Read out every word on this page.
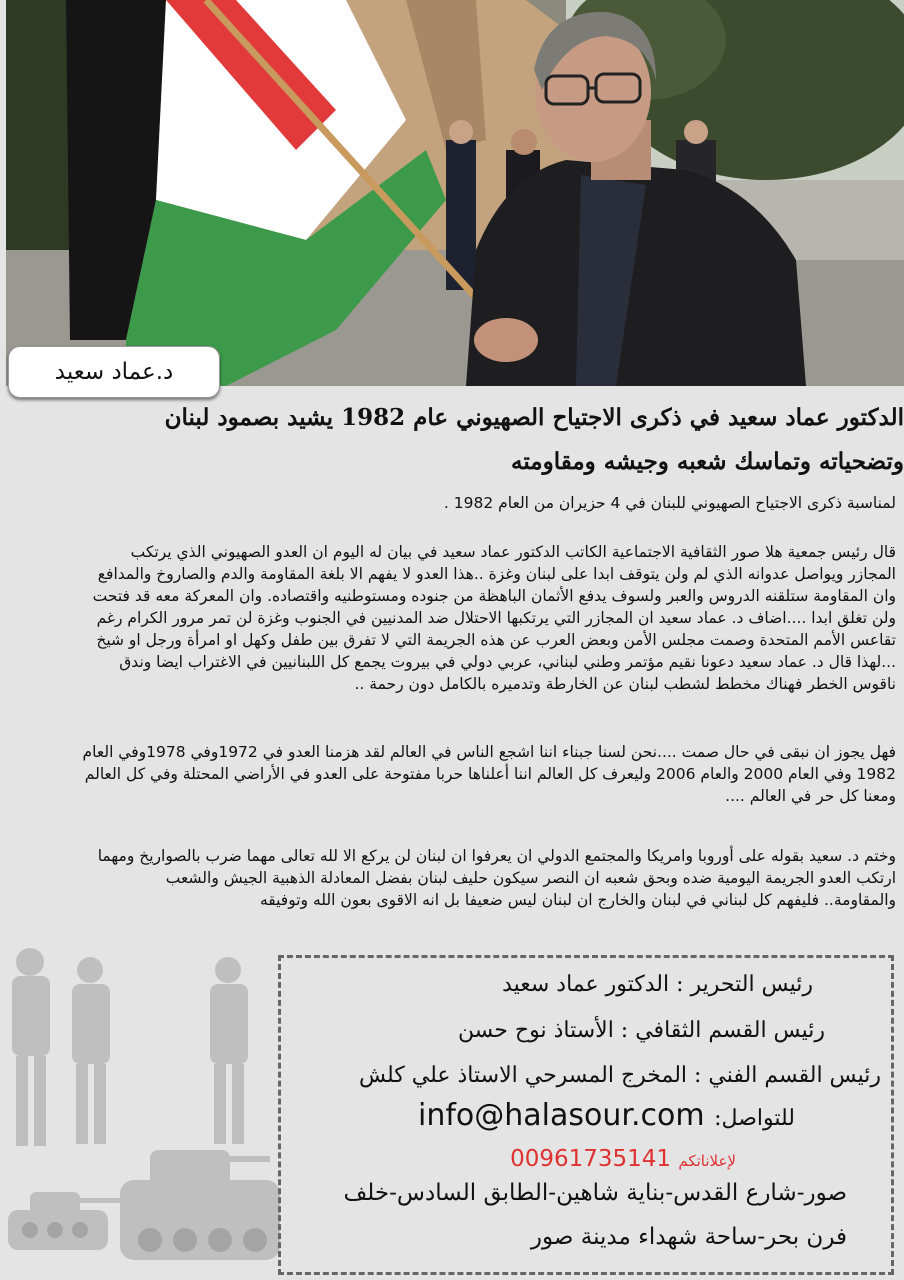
د.عماد سعيد
الدكتور عماد سعيد في ذكرى الاجتياح الصهيوني عام 1982 يشيد بصمود لبنان
وتضحياته وتماسك شعبه وجيشه ومقاومته
لمناسبة ذكرى الاجتياح الصهيوني للبنان في 4 حزيران من العام 1982 .
قال رئيس جمعية هلا صور الثقافية الاجتماعية الكاتب الدكتور عماد سعيد في بيان له اليوم ان العدو الصهيوني الذي يرتكب
المجازر ويواصل عدوانه الذي لم ولن يتوقف ابدا على لبنان وغزة ..هذا العدو لا يفهم الا بلغة المقاومة والدم والصاروخ والمدافع
وان المقاومة ستلقنه الدروس والعبر ولسوف يدفع الأثمان الباهظة من جنوده ومستوطنيه واقتصاده. وان المعركة معه قد فتحت
ولن تغلق ابدا ....اضاف د. عماد سعيد ان المجازر التي يرتكبها الاحتلال ضد المدنيين في الجنوب وغزة لن تمر مرور الكرام رغم
تقاعس الأمم المتحدة وصمت مجلس الأمن وبعض العرب عن هذه الجريمة التي لا تفرق بين طفل وكهل او امرأة ورجل او شيخ
...لهذا قال د. عماد سعيد دعونا نقيم مؤتمر وطني لبناني، عربي دولي في بيروت يجمع كل اللبنانيين في الاغتراب ايضا وندق
ناقوس الخطر فهناك مخطط لشطب لبنان عن الخارطة وتدميره بالكامل دون رحمة ..
فهل يجوز ان نبقى في حال صمت ....نحن لسنا جبناء اننا اشجع الناس في العالم لقد هزمنا العدو في 1972وفي 1978وفي العام
1982 وفي العام 2000 والعام 2006 وليعرف كل العالم اننا أعلناها حربا مفتوحة على العدو في الأراضي المحتلة وفي كل العالم
ومعنا كل حر في العالم ....
وختم د. سعيد بقوله على أوروبا وامريكا والمجتمع الدولي ان يعرفوا ان لبنان لن يركع الا لله تعالى مهما ضرب بالصواريخ ومهما
ارتكب العدو الجريمة اليومية ضده وبحق شعبه ان النصر سيكون حليف لبنان بفضل المعادلة الذهبية الجيش والشعب
والمقاومة.. فليفهم كل لبناني في لبنان والخارج ان لبنان ليس ضعيفا بل انه الاقوى بعون الله وتوفيقه
رئيس التحرير : الدكتور عماد سعيد
رئيس القسم الثقافي : الأستاذ نوح حسن
رئيس القسم الفني : المخرج المسرحي الاستاذ علي كلش
للتواصل: info@halasour.com
لإعلاناتكم 00961735141
صور-شارع القدس-بناية شاهين-الطابق السادس-خلف
فرن بحر-ساحة شهداء مدينة صور
